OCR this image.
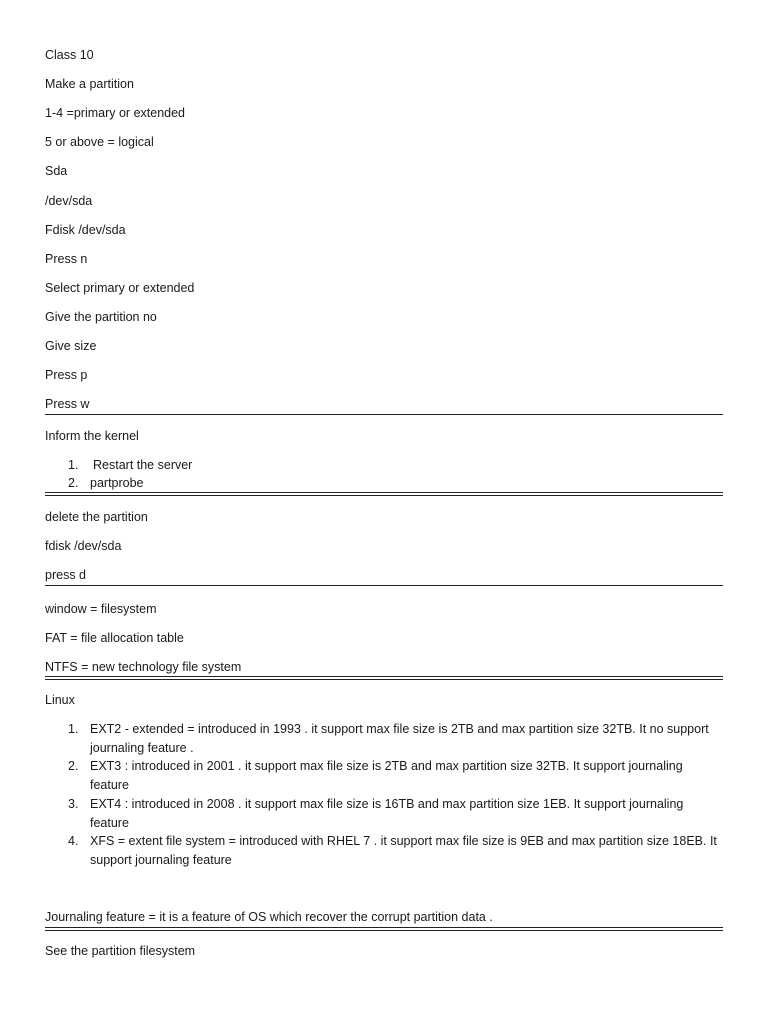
Class 10
Make a partition
1-4 =primary or extended
5 or above = logical
Sda
/dev/sda
Fdisk /dev/sda
Press n
Select primary or extended
Give the partition no
Give size
Press p
Press w
Inform the kernel
1. Restart the server
2. partprobe
delete the partition
fdisk /dev/sda
press d
window = filesystem
FAT = file allocation table
NTFS = new technology file system
Linux
1. EXT2 - extended = introduced in 1993 . it support max file size is 2TB and max partition size 32TB. It no support journaling feature .
2. EXT3 : introduced in 2001 . it support max file size is 2TB and max partition size 32TB. It support journaling feature
3. EXT4 : introduced in 2008 . it support max file size is 16TB and max partition size 1EB. It support journaling feature
4. XFS = extent file system = introduced with RHEL 7 . it support max file size is 9EB and max partition size 18EB. It support journaling feature
Journaling feature = it is a feature of OS which recover the corrupt partition data .
See the partition filesystem
